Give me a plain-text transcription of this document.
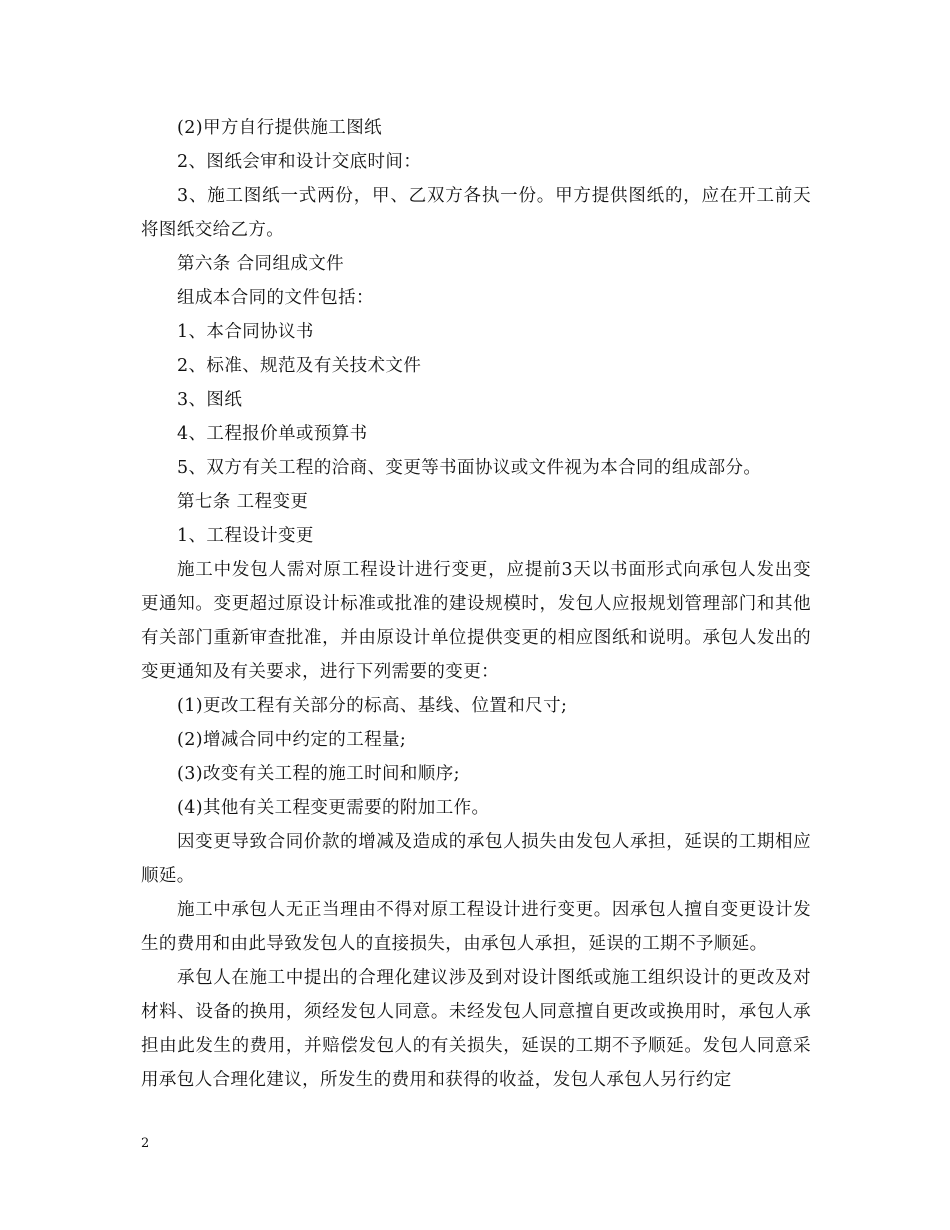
(2)甲方自行提供施工图纸

2、图纸会审和设计交底时间：

3、施工图纸一式两份，甲、乙双方各执一份。甲方提供图纸的，应在开工前天将图纸交给乙方。

第六条 合同组成文件

组成本合同的文件包括：

1、本合同协议书

2、标准、规范及有关技术文件

3、图纸

4、工程报价单或预算书

5、双方有关工程的洽商、变更等书面协议或文件视为本合同的组成部分。

第七条 工程变更

1、工程设计变更

施工中发包人需对原工程设计进行变更，应提前3天以书面形式向承包人发出变更通知。变更超过原设计标准或批准的建设规模时，发包人应报规划管理部门和其他有关部门重新审查批准，并由原设计单位提供变更的相应图纸和说明。承包人发出的变更通知及有关要求，进行下列需要的变更：

(1)更改工程有关部分的标高、基线、位置和尺寸;

(2)增减合同中约定的工程量;

(3)改变有关工程的施工时间和顺序;

(4)其他有关工程变更需要的附加工作。

因变更导致合同价款的增减及造成的承包人损失由发包人承担，延误的工期相应顺延。

施工中承包人无正当理由不得对原工程设计进行变更。因承包人擅自变更设计发生的费用和由此导致发包人的直接损失，由承包人承担，延误的工期不予顺延。

承包人在施工中提出的合理化建议涉及到对设计图纸或施工组织设计的更改及对材料、设备的换用，须经发包人同意。未经发包人同意擅自更改或换用时，承包人承担由此发生的费用，并赔偿发包人的有关损失，延误的工期不予顺延。发包人同意采用承包人合理化建议，所发生的费用和获得的收益，发包人承包人另行约定

2
